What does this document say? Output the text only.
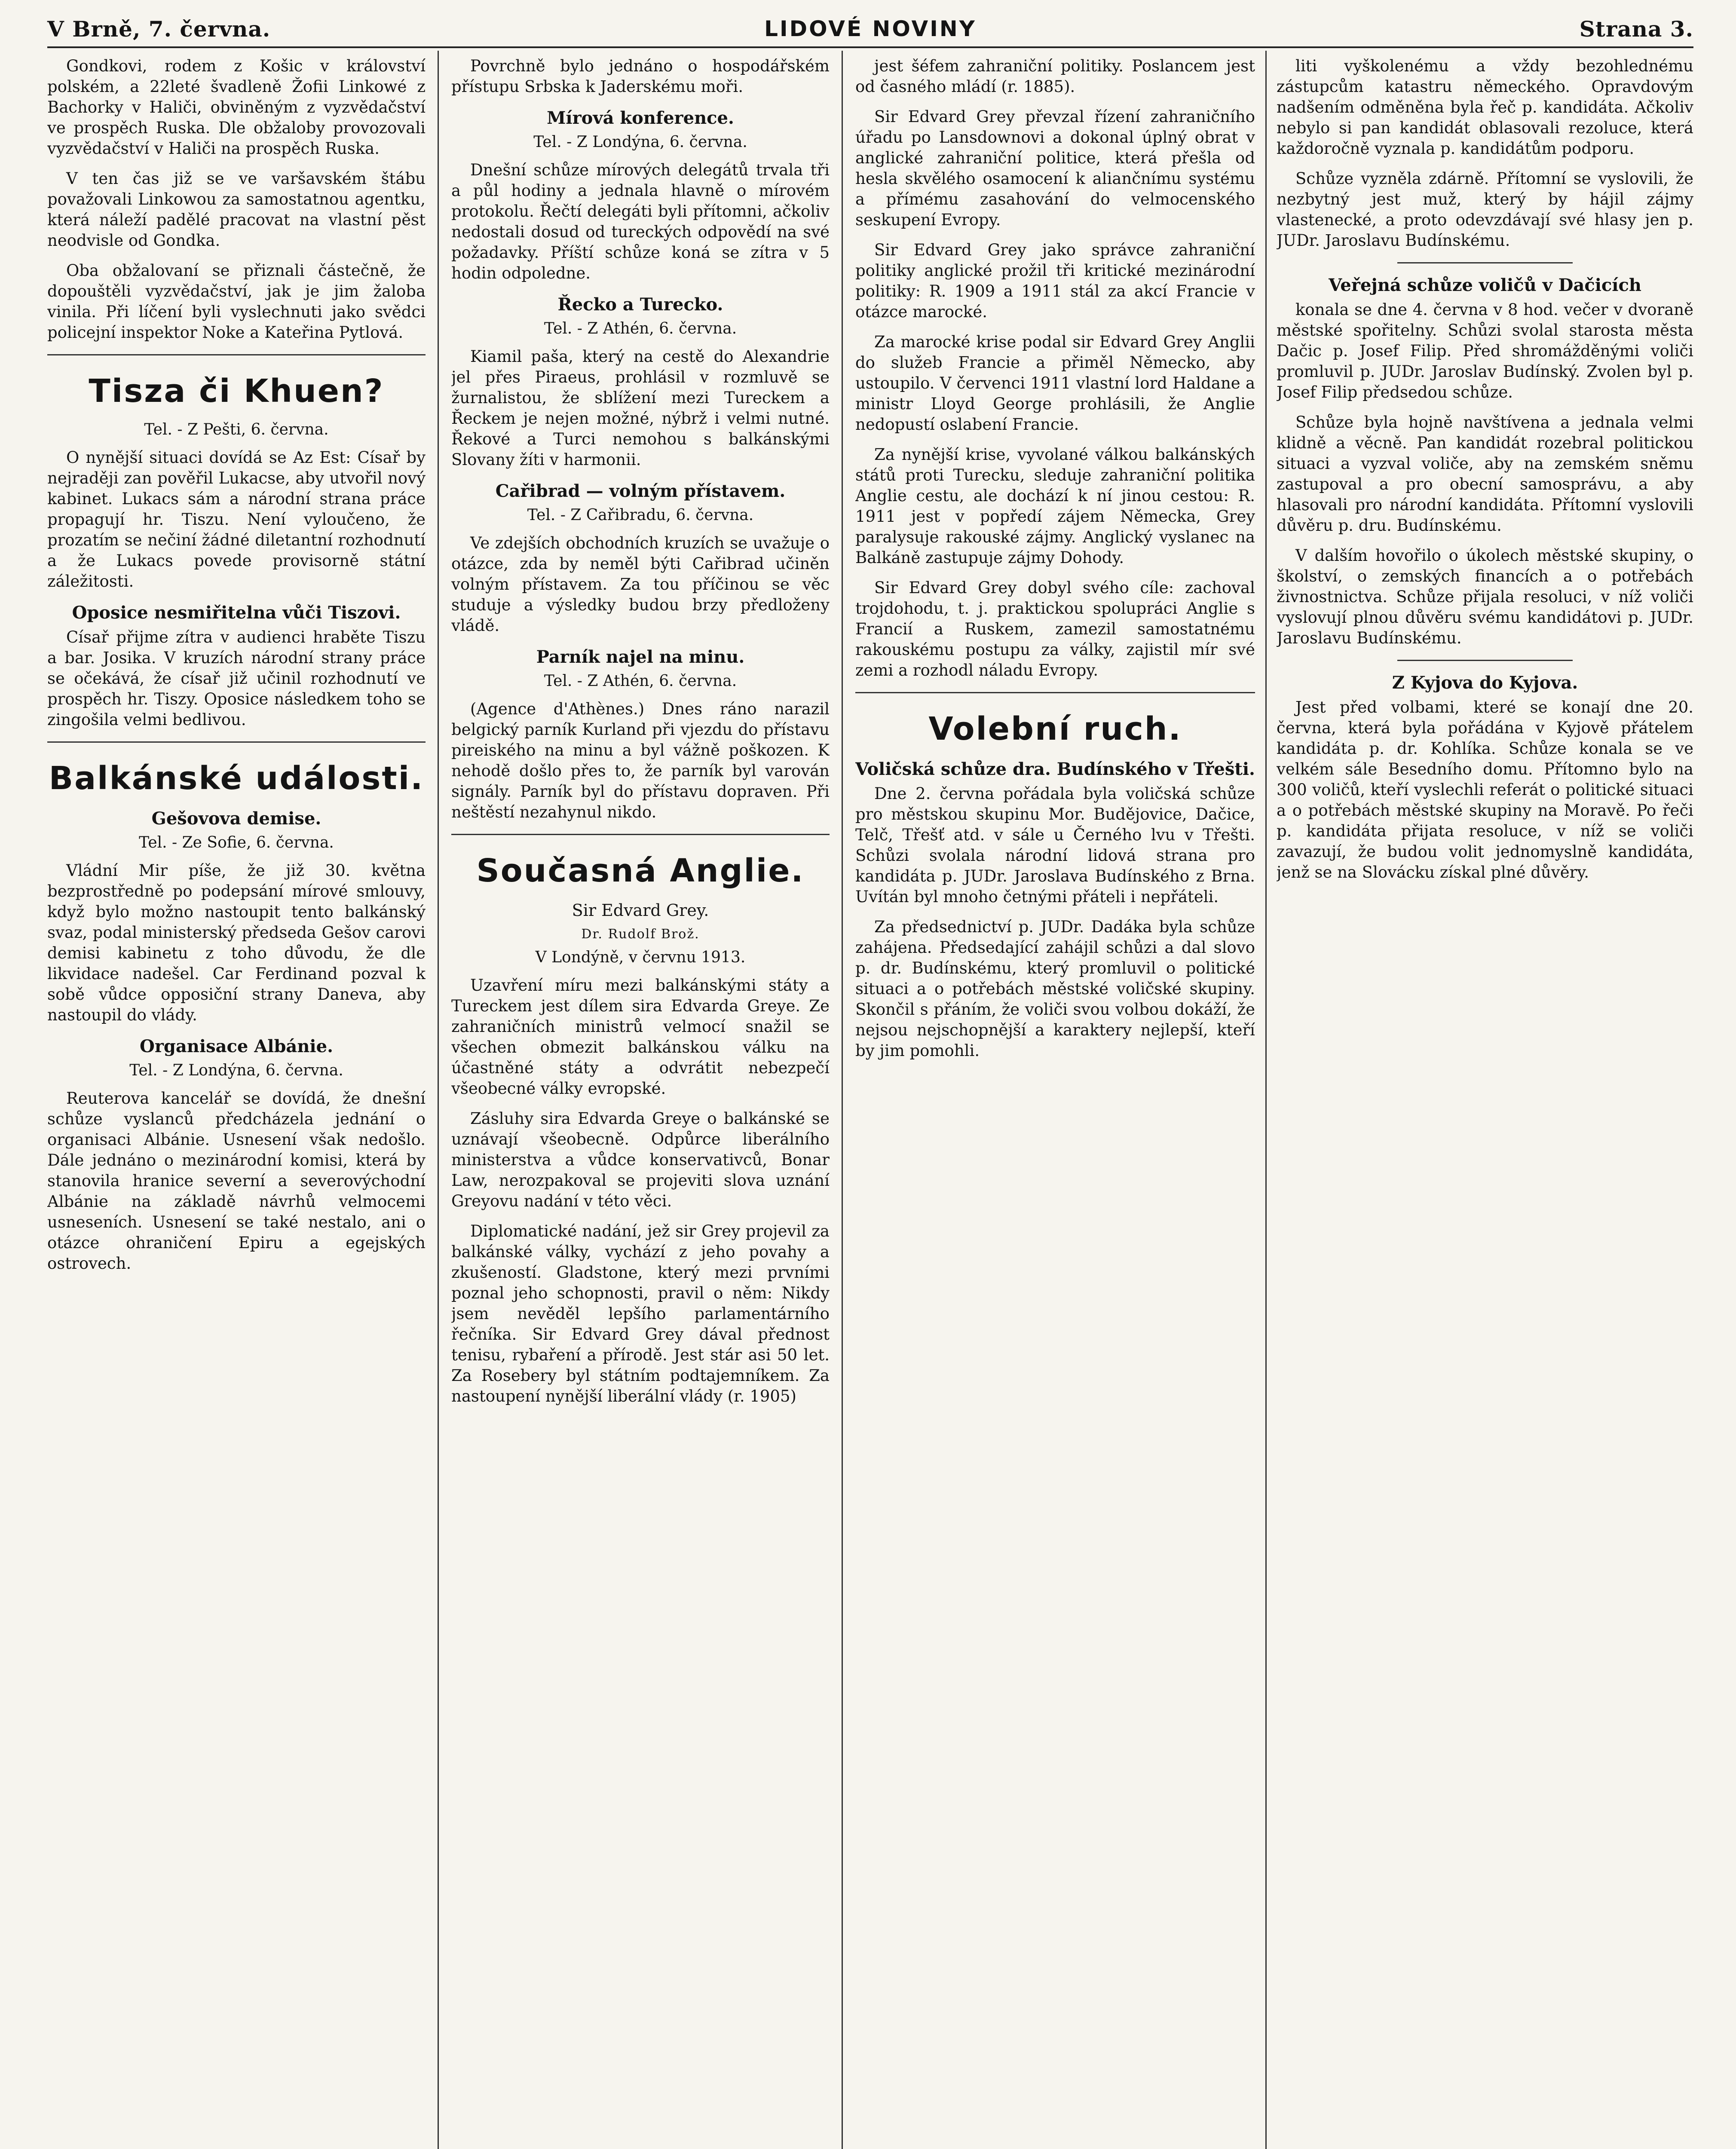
V Brně, 7. června.	LIDOVÉ NOVINY	Strana 3.

Gondkovi, rodem z Košic v království polském, a 22leté švadleně Žofii Linkowé z Bachorky v Haliči, obviněným z vyzvědačství ve prospěch Ruska. Dle obžaloby provozovali vyzvědačství v Haliči na prospěch Ruska.

V ten čas již se ve varšavském štábu považovali Linkowou za samostatnou agentku, která náleží padělé pracovat na vlastní pěst neodvisle od Gondka.

Oba obžalovaní se přiznali částečně, že dopouštěli vyzvědačství, jak je jim žaloba vinila. Při líčení byli vyslechnuti jako svědci policejní inspektor Noke a Kateřina Pytlová.

Tisza či Khuen?
Tel. - Z Pešti, 6. června.

O nynější situaci dovídá se Az Est: Císař by nejraději zan pověřil Lukacse, aby utvořil nový kabinet. Lukacs sám a národní strana práce propagují hr. Tiszu. Není vyloučeno, že prozatím se nečiní žádné diletantní rozhodnutí a že Lukacs povede provisorně státní záležitosti.

Oposice nesmiřitelna vůči Tiszovi.

Císař přijme zítra v audienci hraběte Tiszu a bar. Josika. V kruzích národní strany práce se očekává, že císař již učinil rozhodnutí ve prospěch hr. Tiszy. Oposice následkem toho se zingošila velmi bedlivou.

Balkánské události.
Gešovova demise.
Tel. - Ze Sofie, 6. června.

Vládní Mir píše, že již 30. května bezprostředně po podepsání mírové smlouvy, když bylo možno nastoupit tento balkánský svaz, podal ministerský předseda Gešov carovi demisi kabinetu z toho důvodu, že dle likvidace nadešel. Car Ferdinand pozval k sobě vůdce opposiční strany Daneva, aby nastoupil do vlády.

Organisace Albánie.
Tel. - Z Londýna, 6. června.

Reuterova kancelář se dovídá, že dnešní schůze vyslanců předcházela jednání o organisaci Albánie. Usnesení však nedošlo. Dále jednáno o mezinárodní komisi, která by stanovila hranice severní a severovýchodní Albánie na základě návrhů velmocemi usneseních. Usnesení se také nestalo, ani o otázce ohraničení Epiru a egejských ostrovech.

Povrchně bylo jednáno o hospodářském přístupu Srbska k Jaderskému moři.

Mírová konference.
Tel. - Z Londýna, 6. června.

Dnešní schůze mírových delegátů trvala tři a půl hodiny a jednala hlavně o mírovém protokolu. Řečtí delegáti byli přítomni, ačkoliv nedostali dosud od tureckých odpovědí na své požadavky. Příští schůze koná se zítra v 5 hodin odpoledne.

Řecko a Turecko.
Tel. - Z Athén, 6. června.

Kiamil paša, který na cestě do Alexandrie jel přes Piraeus, prohlásil v rozmluvě se žurnalistou, že sblížení mezi Tureckem a Řeckem je nejen možné, nýbrž i velmi nutné. Řekové a Turci nemohou s balkánskými Slovany žíti v harmonii.

Cařibrad — volným přístavem.
Tel. - Z Cařibradu, 6. června.

Ve zdejších obchodních kruzích se uvažuje o otázce, zda by neměl býti Cařibrad učiněn volným přístavem. Za tou příčinou se věc studuje a výsledky budou brzy předloženy vládě.

Parník najel na minu.
Tel. - Z Athén, 6. června.

(Agence d'Athènes.) Dnes ráno narazil belgický parník Kurland při vjezdu do přístavu pireiského na minu a byl vážně poškozen. K nehodě došlo přes to, že parník byl varován signály. Parník byl do přístavu dopraven. Při neštěstí nezahynul nikdo.

Současná Anglie.
Sir Edvard Grey.
Dr. Rudolf Brož.
V Londýně, v červnu 1913.

Uzavření míru mezi balkánskými státy a Tureckem jest dílem sira Edvarda Greye. Ze zahraničních ministrů velmocí snažil se všechen obmezit balkánskou válku na účastněné státy a odvrátit nebezpečí všeobecné války evropské.

Zásluhy sira Edvarda Greye o balkánské se uznávají všeobecně. Odpůrce liberálního ministerstva a vůdce konservativců, Bonar Law, nerozpakoval se projeviti slova uznání Greyovu nadání v této věci.

Diplomatické nadání, jež sir Grey projevil za balkánské války, vychází z jeho povahy a zkušeností. Gladstone, který mezi prvními poznal jeho schopnosti, pravil o něm: Nikdy jsem nevěděl lepšího parlamentárního řečníka. Sir Edvard Grey dával přednost tenisu, rybaření a přírodě. Jest stár asi 50 let. Za Rosebery byl státním podtajemníkem. Za nastoupení nynější liberální vlády (r. 1905)

jest šéfem zahraniční politiky. Poslancem jest od časného mládí (r. 1885).

Sir Edvard Grey převzal řízení zahraničního úřadu po Lansdownovi a dokonal úplný obrat v anglické zahraniční politice, která přešla od hesla skvělého osamocení k aliančnímu systému a přímému zasahování do velmocenského seskupení Evropy.

Sir Edvard Grey jako správce zahraniční politiky anglické prožil tři kritické mezinárodní politiky: R. 1909 a 1911 stál za akcí Francie v otázce marocké.

Za marocké krise podal sir Edvard Grey Anglii do služeb Francie a přiměl Německo, aby ustoupilo. V červenci 1911 vlastní lord Haldane a ministr Lloyd George prohlásili, že Anglie nedopustí oslabení Francie.

Za nynější krise, vyvolané válkou balkánských států proti Turecku, sleduje zahraniční politika Anglie cestu, ale dochází k ní jinou cestou: R. 1911 jest v popředí zájem Německa, Grey paralysuje rakouské zájmy. Anglický vyslanec na Balkáně zastupuje zájmy Dohody.

Sir Edvard Grey dobyl svého cíle: zachoval trojdohodu, t. j. praktickou spolupráci Anglie s Francií a Ruskem, zamezil samostatnému rakouskému postupu za války, zajistil mír své zemi a rozhodl náladu Evropy.

Volební ruch.
Voličská schůze dra. Budínského v Třešti.

Dne 2. června pořádala byla voličská schůze pro městskou skupinu Mor. Budějovice, Dačice, Telč, Třešť atd. v sále u Černého lvu v Třešti. Schůzi svolala národní lidová strana pro kandidáta p. JUDr. Jaroslava Budínského z Brna. Uvítán byl mnoho četnými přáteli i nepřáteli.

Za předsednictví p. JUDr. Dadáka byla schůze zahájena. Předsedající zahájil schůzi a dal slovo p. dr. Budínskému, který promluvil o politické situaci a o potřebách městské voličské skupiny. Skončil s přáním, že voliči svou volbou dokáží, že nejsou nejschopnější a karaktery nejlepší, kteří by jim pomohli.

liti vyškolenému a vždy bezohlednému zástupcům katastru německého. Opravdovým nadšením odměněna byla řeč p. kandidáta. Ačkoliv nebylo si pan kandidát oblasovali rezoluce, která každoročně vyznala p. kandidátům podporu.

Schůze vyzněla zdárně. Přítomní se vyslovili, že nezbytný jest muž, který by hájil zájmy vlastenecké, a proto odevzdávají své hlasy jen p. JUDr. Jaroslavu Budínskému.

Veřejná schůze voličů v Dačicích

konala se dne 4. června v 8 hod. večer v dvoraně městské spořitelny. Schůzi svolal starosta města Dačic p. Josef Filip. Před shromážděnými voliči promluvil p. JUDr. Jaroslav Budínský. Zvolen byl p. Josef Filip předsedou schůze.

Schůze byla hojně navštívena a jednala velmi klidně a věcně. Pan kandidát rozebral politickou situaci a vyzval voliče, aby na zemském sněmu zastupoval a pro obecní samosprávu, a aby hlasovali pro národní kandidáta. Přítomní vyslovili důvěru p. dru. Budínskému.

V dalším hovořilo o úkolech městské skupiny, o školství, o zemských financích a o potřebách živnostnictva. Schůze přijala resoluci, v níž voliči vyslovují plnou důvěru svému kandidátovi p. JUDr. Jaroslavu Budínskému.

Z Kyjova do Kyjova.

Jest před volbami, které se konají dne 20. června, která byla pořádána v Kyjově přátelem kandidáta p. dr. Kohlíka. Schůze konala se ve velkém sále Besedního domu. Přítomno bylo na 300 voličů, kteří vyslechli referát o politické situaci a o potřebách městské skupiny na Moravě. Po řeči p. kandidáta přijata resoluce, v níž se voliči zavazují, že budou volit jednomyslně kandidáta, jenž se na Slovácku získal plné důvěry.
